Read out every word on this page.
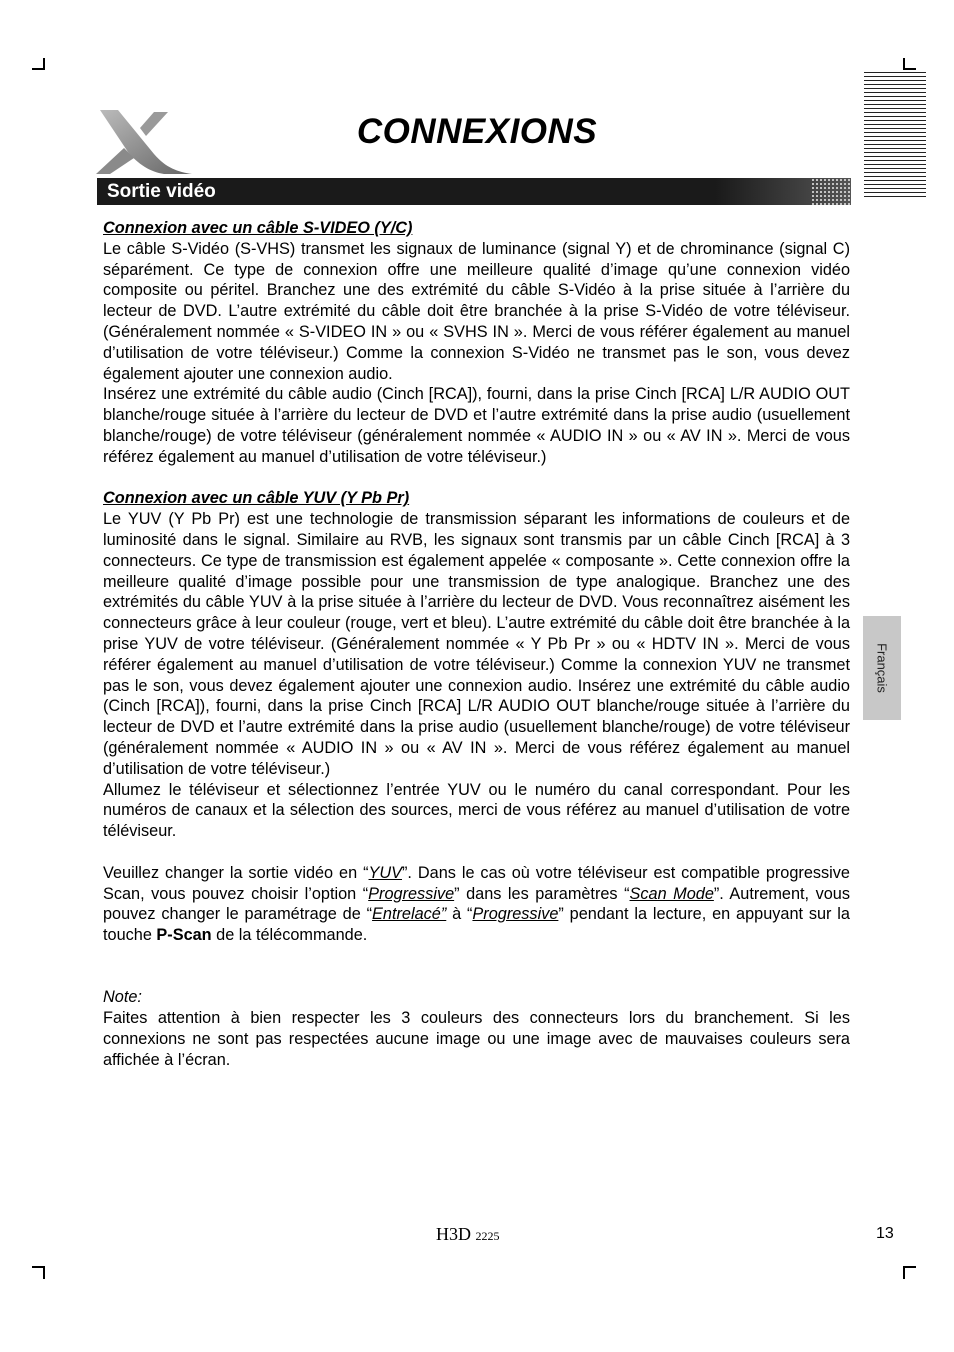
CONNEXIONS
Sortie vidéo

Connexion avec un câble S-VIDEO (Y/C)

Le câble S-Vidéo (S-VHS) transmet les signaux de luminance (signal Y) et de chrominance (signal C) séparément. Ce type de connexion offre une meilleure qualité d’image qu’une connexion vidéo composite ou péritel. Branchez une des extrémité du câble S-Vidéo à la prise située à l’arrière du lecteur de DVD. L’autre extrémité du câble doit être branchée à la prise S-Vidéo de votre téléviseur. (Généralement nommée « S-VIDEO IN » ou « SVHS IN ». Merci de vous référer également au manuel d’utilisation de votre téléviseur.) Comme la connexion S-Vidéo ne transmet pas le son, vous devez également ajouter une connexion audio.

Insérez une extrémité du câble audio (Cinch [RCA]), fourni, dans la prise Cinch [RCA] L/R AUDIO OUT blanche/rouge située à l’arrière du lecteur de DVD et l’autre extrémité dans la prise audio (usuellement blanche/rouge) de votre téléviseur (généralement nommée « AUDIO IN » ou « AV IN ». Merci de vous référez également au manuel d’utilisation de votre téléviseur.)

Connexion avec un câble YUV (Y Pb Pr)

Le YUV (Y Pb Pr) est une technologie de transmission séparant les informations de couleurs et de luminosité dans le signal. Similaire au RVB, les signaux sont transmis par un câble Cinch [RCA] à 3 connecteurs. Ce type de transmission est également appelée « composante ». Cette connexion offre la meilleure qualité d’image possible pour une transmission de type analogique. Branchez une des extrémités du câble YUV à la prise située à l’arrière du lecteur de DVD. Vous reconnaîtrez aisément les connecteurs grâce à leur couleur (rouge, vert et bleu). L’autre extrémité du câble doit être branchée à la prise YUV de votre téléviseur. (Généralement nommée « Y Pb Pr » ou « HDTV IN ». Merci de vous référer également au manuel d’utilisation de votre téléviseur.) Comme la connexion YUV ne transmet pas le son, vous devez également ajouter une connexion audio. Insérez une extrémité du câble audio (Cinch [RCA]), fourni, dans la prise Cinch [RCA] L/R AUDIO OUT blanche/rouge située à l’arrière du lecteur de DVD et l’autre extrémité dans la prise audio (usuellement blanche/rouge) de votre téléviseur (généralement nommée « AUDIO IN » ou « AV IN ». Merci de vous référez également au manuel d’utilisation de votre téléviseur.)

Allumez le téléviseur et sélectionnez l’entrée YUV ou le numéro du canal correspondant. Pour les numéros de canaux et la sélection des sources, merci de vous référez au manuel d’utilisation de votre téléviseur.

Veuillez changer la sortie vidéo en “YUV”. Dans le cas où votre téléviseur est compatible progressive Scan, vous pouvez choisir l’option “Progressive” dans les paramètres “Scan Mode”. Autrement, vous pouvez changer le paramétrage de “Entrelacé” à “Progressive” pendant la lecture, en appuyant sur la touche P-Scan de la télécommande.

Note:

Faites attention à bien respecter les 3 couleurs des connecteurs lors du branchement. Si les connexions ne sont pas respectées aucune image ou une image avec de mauvaises couleurs sera affichée à l’écran.

Français
H3D 2225	13
